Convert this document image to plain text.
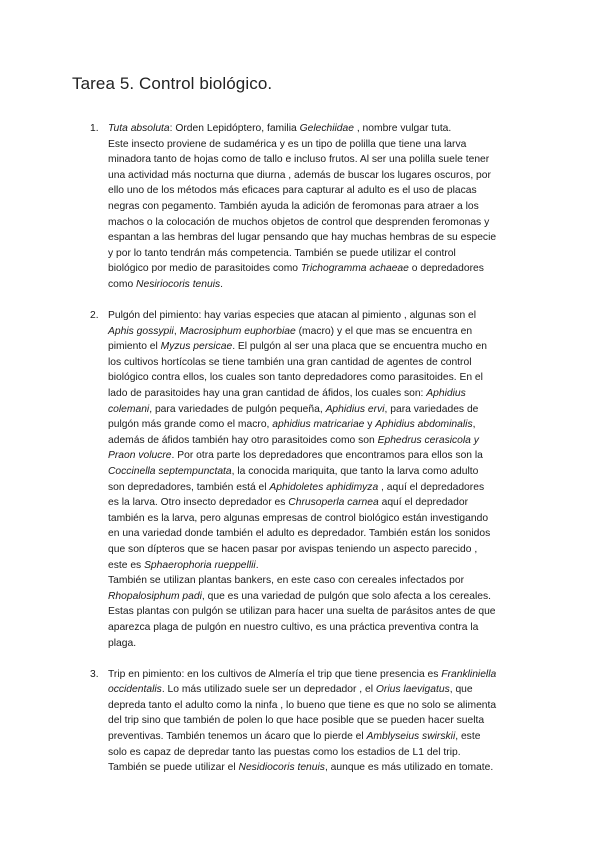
Tarea 5. Control biológico.
1. Tuta absoluta: Orden Lepidóptero, familia Gelechiidae , nombre vulgar tuta.
Este insecto proviene de sudamérica y es un tipo de polilla que tiene una larva
minadora tanto de hojas como de tallo e incluso frutos. Al ser una polilla suele tener
una actividad más nocturna que diurna , además de buscar los lugares oscuros, por
ello uno de los métodos más eficaces para capturar al adulto es el uso de placas
negras con pegamento. También ayuda la adición de feromonas para atraer a los
machos o la colocación de muchos objetos de control que desprenden feromonas y
espantan a las hembras del lugar pensando que hay muchas hembras de su especie
y por lo tanto tendrán más competencia. También se puede utilizar el control
biológico por medio de parasitoides como Trichogramma achaeae o depredadores
como Nesiriocoris tenuis.
2. Pulgón del pimiento: hay varias especies que atacan al pimiento , algunas son el
Aphis gossypii, Macrosiphum euphorbiae (macro) y el que mas se encuentra en
pimiento el Myzus persicae. El pulgón al ser una placa que se encuentra mucho en
los cultivos hortícolas se tiene también una gran cantidad de agentes de control
biológico contra ellos, los cuales son tanto depredadores como parasitoides. En el
lado de parasitoides hay una gran cantidad de áfidos, los cuales son: Aphidius
colemani, para variedades de pulgón pequeña, Aphidius ervi, para variedades de
pulgón más grande como el macro, aphidius matricariae y Aphidius abdominalis,
además de áfidos también hay otro parasitoides como son Ephedrus cerasicola y
Praon volucre. Por otra parte los depredadores que encontramos para ellos son la
Coccinella septempunctata, la conocida mariquita, que tanto la larva como adulto
son depredadores, también está el Aphidoletes aphidimyza , aquí el depredadores
es la larva. Otro insecto depredador es Chrusoperla carnea aquí el depredador
también es la larva, pero algunas empresas de control biológico están investigando
en una variedad donde también el adulto es depredador. También están los sonidos
que son dípteros que se hacen pasar por avispas teniendo un aspecto parecido ,
este es Sphaerophoria rueppellii.
También se utilizan plantas bankers, en este caso con cereales infectados por
Rhopalosiphum padi, que es una variedad de pulgón que solo afecta a los cereales.
Estas plantas con pulgón se utilizan para hacer una suelta de parásitos antes de que
aparezca plaga de pulgón en nuestro cultivo, es una práctica preventiva contra la
plaga.
3. Trip en pimiento: en los cultivos de Almería el trip que tiene presencia es Frankliniella
occidentalis. Lo más utilizado suele ser un depredador , el Orius laevigatus, que
depreda tanto el adulto como la ninfa , lo bueno que tiene es que no solo se alimenta
del trip sino que también de polen lo que hace posible que se pueden hacer suelta
preventivas. También tenemos un ácaro que lo pierde el Amblyseius swirskii, este
solo es capaz de depredar tanto las puestas como los estadios de L1 del trip.
También se puede utilizar el Nesidiocoris tenuis, aunque es más utilizado en tomate.
